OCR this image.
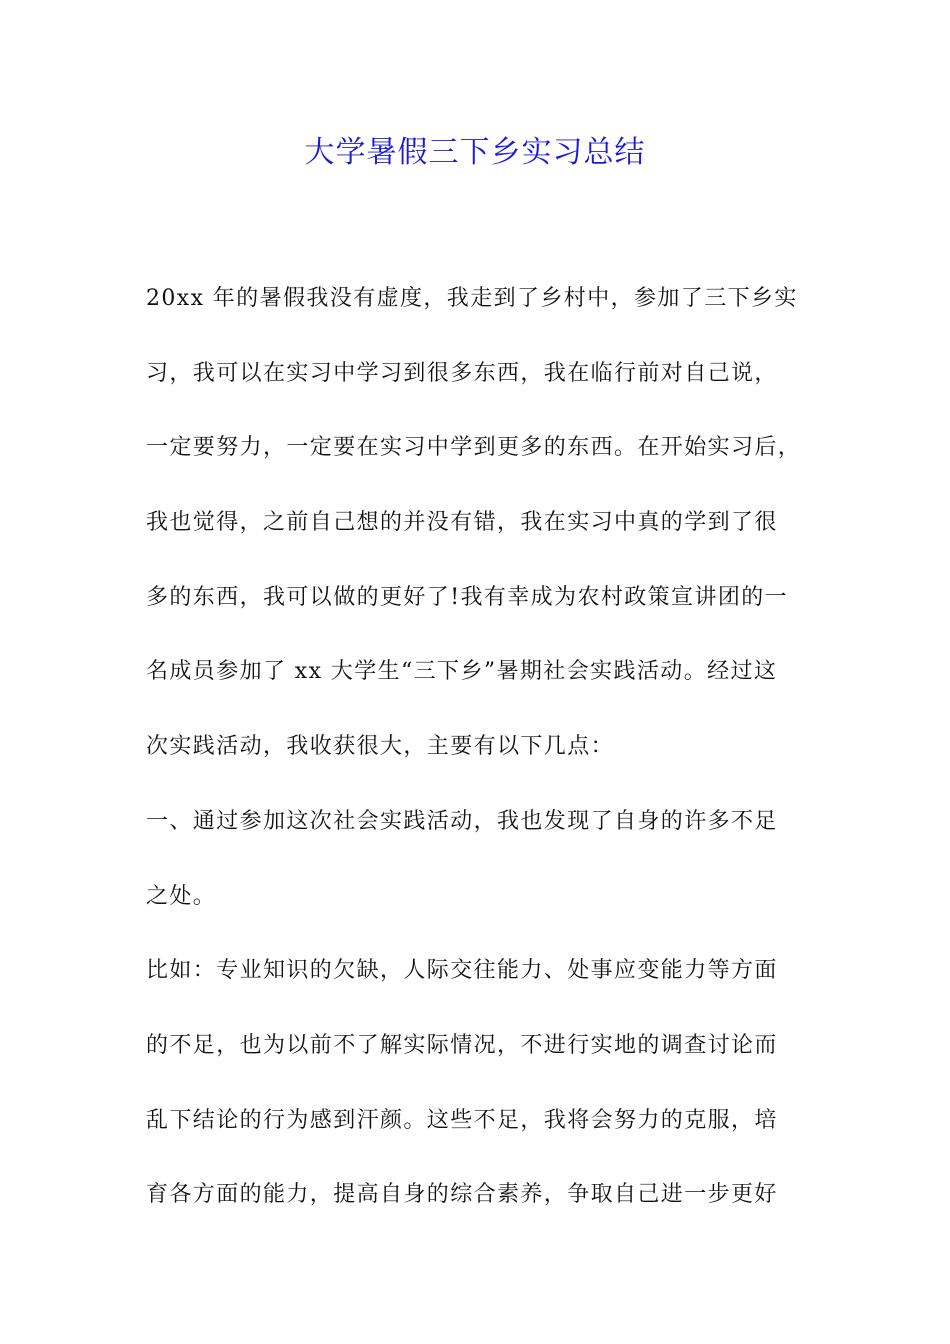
大学暑假三下乡实习总结
20xx 年的暑假我没有虚度，我走到了乡村中，参加了三下乡实
习，我可以在实习中学习到很多东西，我在临行前对自己说，
一定要努力，一定要在实习中学到更多的东西。在开始实习后，
我也觉得，之前自己想的并没有错，我在实习中真的学到了很
多的东西，我可以做的更好了!我有幸成为农村政策宣讲团的一
名成员参加了 xx 大学生“三下乡”暑期社会实践活动。经过这
次实践活动，我收获很大，主要有以下几点：
一、通过参加这次社会实践活动，我也发现了自身的许多不足
之处。
比如：专业知识的欠缺，人际交往能力、处事应变能力等方面
的不足，也为以前不了解实际情况，不进行实地的调查讨论而
乱下结论的行为感到汗颜。这些不足，我将会努力的克服，培
育各方面的能力，提高自身的综合素养，争取自己进一步更好
